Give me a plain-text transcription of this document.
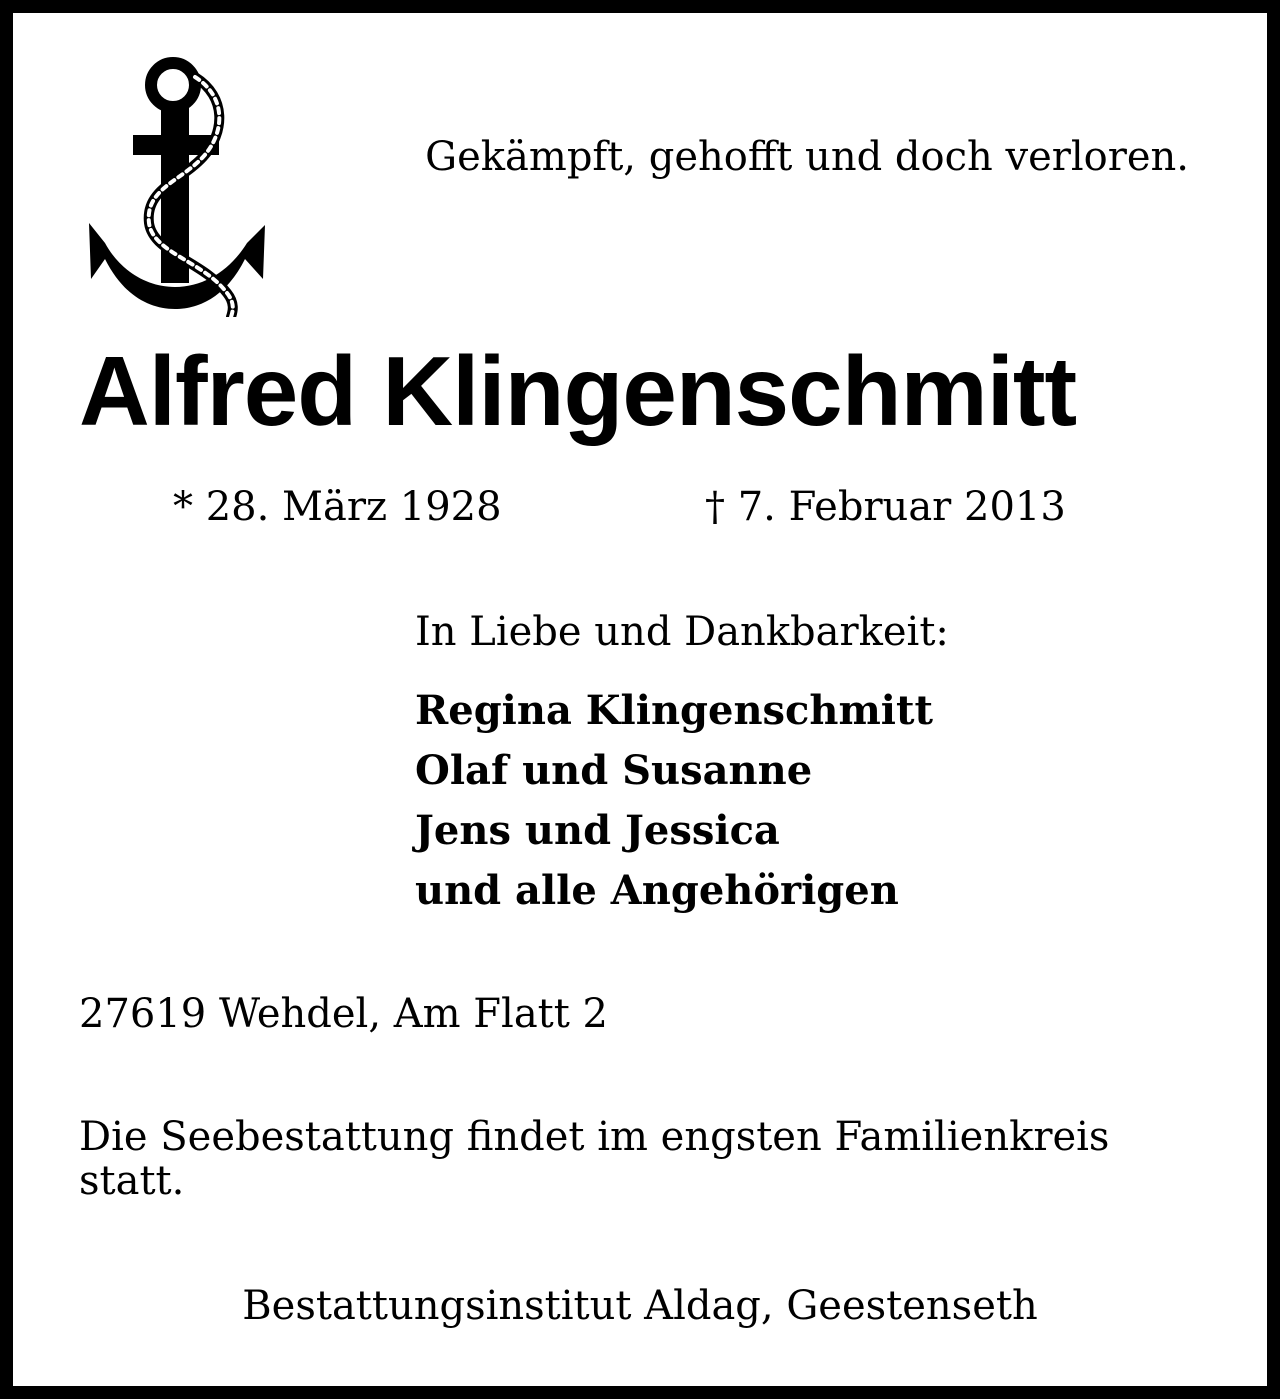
Gekämpft, gehofft und doch verloren.

Alfred Klingenschmitt

* 28. März 1928	† 7. Februar 2013

In Liebe und Dankbarkeit:

Regina Klingenschmitt
Olaf und Susanne
Jens und Jessica
und alle Angehörigen

27619 Wehdel, Am Flatt 2

Die Seebestattung findet im engsten Familienkreis statt.

Bestattungsinstitut Aldag, Geestenseth
